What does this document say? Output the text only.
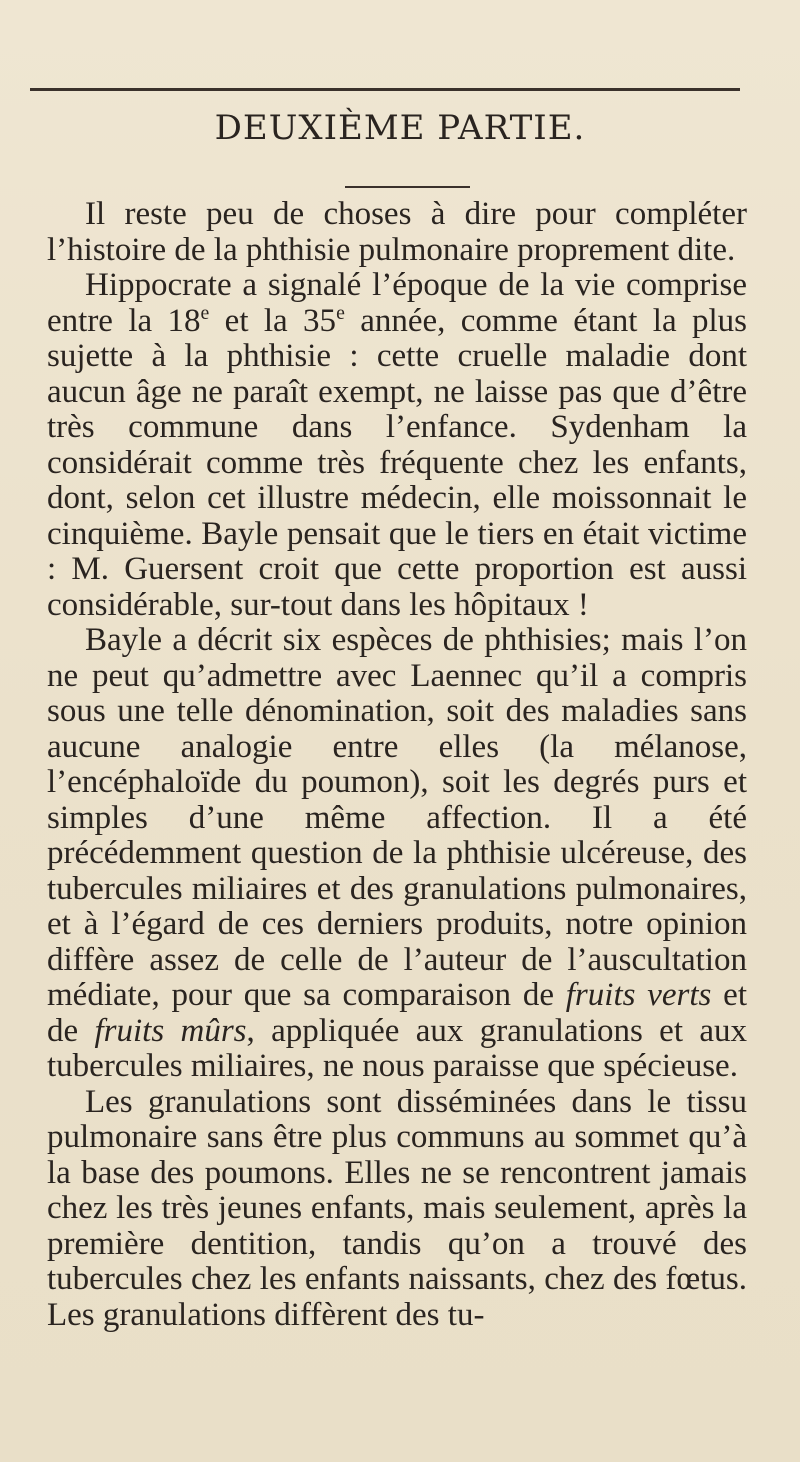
DEUXIÈME PARTIE.

Il reste peu de choses à dire pour compléter l’histoire de la phthisie pulmonaire proprement dite.

Hippocrate a signalé l’époque de la vie comprise entre la 18e et la 35e année, comme étant la plus sujette à la phthisie : cette cruelle maladie dont aucun âge ne paraît exempt, ne laisse pas que d’être très commune dans l’enfance. Sydenham la considérait comme très fréquente chez les enfants, dont, selon cet illustre médecin, elle moissonnait le cinquième. Bayle pensait que le tiers en était victime : M. Guersent croit que cette proportion est aussi considérable, sur-tout dans les hôpitaux !

Bayle a décrit six espèces de phthisies; mais l’on ne peut qu’admettre avec Laennec qu’il a compris sous une telle dénomination, soit des maladies sans aucune analogie entre elles (la mélanose, l’encéphaloïde du poumon), soit les degrés purs et simples d’une même affection. Il a été précédemment question de la phthisie ulcéreuse, des tubercules miliaires et des granulations pulmonaires, et à l’égard de ces derniers produits, notre opinion diffère assez de celle de l’auteur de l’auscultation médiate, pour que sa comparaison de fruits verts et de fruits mûrs, appliquée aux granulations et aux tubercules miliaires, ne nous paraisse que spécieuse.

Les granulations sont disséminées dans le tissu pulmonaire sans être plus communs au sommet qu’à la base des poumons. Elles ne se rencontrent jamais chez les très jeunes enfants, mais seulement, après la première dentition, tandis qu’on a trouvé des tubercules chez les enfants naissants, chez des fœtus. Les granulations diffèrent des tu-
